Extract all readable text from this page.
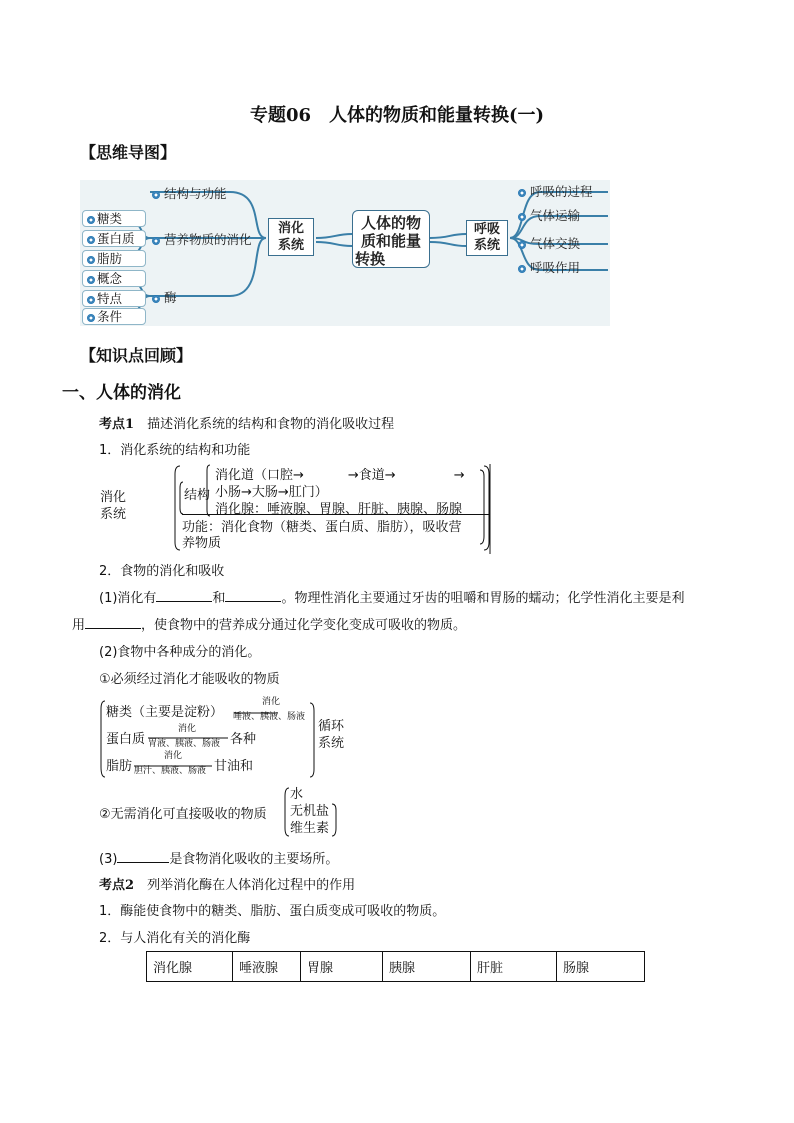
专题06　人体的物质和能量转换(一)
【思维导图】
结构与功能
营养物质的消化
酶
糖类
蛋白质
脂肪
概念
特点
条件
消化
系统
人体的物
质和能量
转换
呼吸
系统
呼吸的过程
气体运输
气体交换
呼吸作用
【知识点回顾】
一、人体的消化
考点1　 描述消化系统的结构和食物的消化吸收过程
1．消化系统的结构和功能
消化
系统
结构
消化道（口腔→	→食道→	→
小肠→大肠→肛门）
消化腺：唾液腺、胃腺、肝脏、胰腺、肠腺
功能：消化食物（糖类、蛋白质、脂肪），吸收营
养物质
2．食物的消化和吸收
(1)消化有	和	。物理性消化主要通过牙齿的咀嚼和胃肠的蠕动；化学性消化主要是利
用	，使食物中的营养成分通过化学变化变成可吸收的物质。
(2)食物中各种成分的消化。
①必须经过消化才能吸收的物质
糖类（主要是淀粉）
消化
唾液、胰液、肠液
蛋白质
消化
胃液、胰液、肠液 各种
脂肪
消化
胆汁、胰液、肠液 甘油和
循环
系统
②无需消化可直接吸收的物质
水
无机盐
维生素
(3)	是食物消化吸收的主要场所。
考点2　 列举消化酶在人体消化过程中的作用
1．酶能使食物中的糖类、脂肪、蛋白质变成可吸收的物质。
2．与人消化有关的消化酶
消化腺	唾液腺	胃腺	胰腺	肝脏	肠腺
